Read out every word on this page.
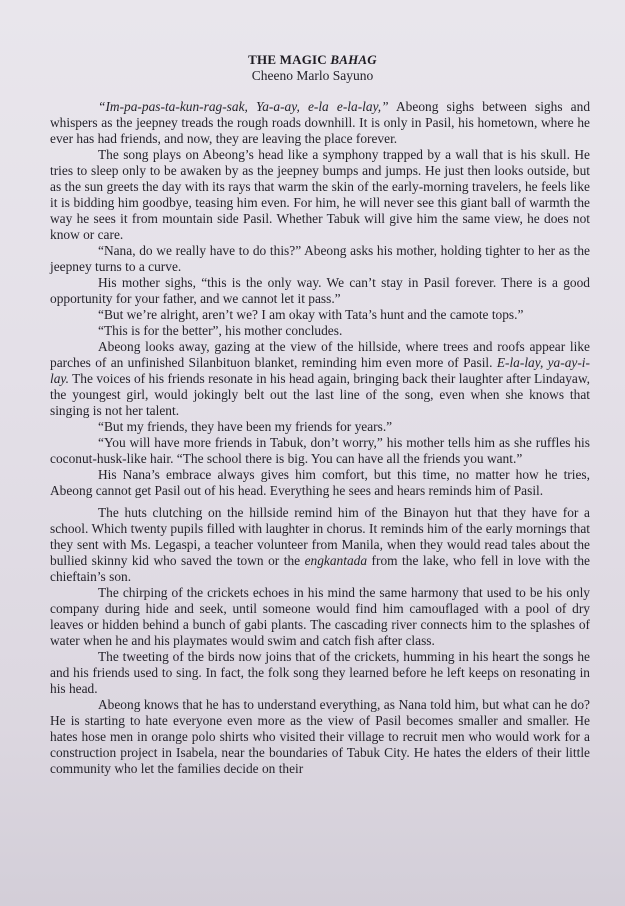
THE MAGIC BAHAG
Cheeno Marlo Sayuno

“Im-pa-pas-ta-kun-rag-sak, Ya-a-ay, e-la e-la-lay,” Abeong sighs between sighs and whispers as the jeepney treads the rough roads downhill. It is only in Pasil, his hometown, where he ever has had friends, and now, they are leaving the place forever.

The song plays on Abeong’s head like a symphony trapped by a wall that is his skull. He tries to sleep only to be awaken by as the jeepney bumps and jumps. He just then looks outside, but as the sun greets the day with its rays that warm the skin of the early-morning travelers, he feels like it is bidding him goodbye, teasing him even. For him, he will never see this giant ball of warmth the way he sees it from mountain side Pasil. Whether Tabuk will give him the same view, he does not know or care.

“Nana, do we really have to do this?” Abeong asks his mother, holding tighter to her as the jeepney turns to a curve.

His mother sighs, “this is the only way. We can’t stay in Pasil forever. There is a good opportunity for your father, and we cannot let it pass.”

“But we’re alright, aren’t we? I am okay with Tata’s hunt and the camote tops.”

“This is for the better”, his mother concludes.

Abeong looks away, gazing at the view of the hillside, where trees and roofs appear like parches of an unfinished Silanbituon blanket, reminding him even more of Pasil. E-la-lay, ya-ay-i-lay. The voices of his friends resonate in his head again, bringing back their laughter after Lindayaw, the youngest girl, would jokingly belt out the last line of the song, even when she knows that singing is not her talent.

“But my friends, they have been my friends for years.”

“You will have more friends in Tabuk, don’t worry,” his mother tells him as she ruffles his coconut-husk-like hair. “The school there is big. You can have all the friends you want.”

His Nana’s embrace always gives him comfort, but this time, no matter how he tries, Abeong cannot get Pasil out of his head. Everything he sees and hears reminds him of Pasil.

The huts clutching on the hillside remind him of the Binayon hut that they have for a school. Which twenty pupils filled with laughter in chorus. It reminds him of the early mornings that they sent with Ms. Legaspi, a teacher volunteer from Manila, when they would read tales about the bullied skinny kid who saved the town or the engkantada from the lake, who fell in love with the chieftain’s son.

The chirping of the crickets echoes in his mind the same harmony that used to be his only company during hide and seek, until someone would find him camouflaged with a pool of dry leaves or hidden behind a bunch of gabi plants. The cascading river connects him to the splashes of water when he and his playmates would swim and catch fish after class.

The tweeting of the birds now joins that of the crickets, humming in his heart the songs he and his friends used to sing. In fact, the folk song they learned before he left keeps on resonating in his head.

Abeong knows that he has to understand everything, as Nana told him, but what can he do? He is starting to hate everyone even more as the view of Pasil becomes smaller and smaller. He hates hose men in orange polo shirts who visited their village to recruit men who would work for a construction project in Isabela, near the boundaries of Tabuk City. He hates the elders of their little community who let the families decide on their
